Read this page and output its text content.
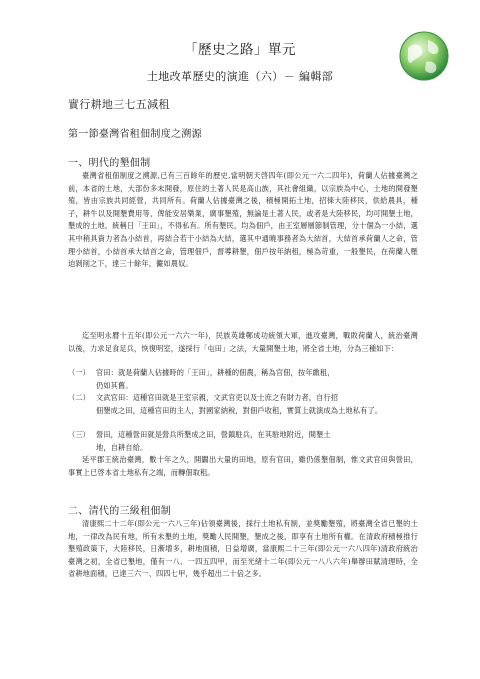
「歷史之路」單元
土地改革歷史的演進（六）－ 編輯部
實行耕地三七五減租
第一節臺灣省租佃制度之溯源
一、明代的墾佃制
臺灣省租佃制度之溯源,已有三百餘年的歷史,當明朝天啓四年(即公元一六二四年)，荷蘭人佔據臺灣之前，本省的土地，大部份多未開發，原住的土著人民是高山族，其社會組織，以宗族為中心，土地的開發墾殖，皆由宗族共同經營，共同所有。荷蘭人佔據臺灣之後，積極開拓土地，招徠大陸移民，供給農具，種子，耕牛以及開墾費用等，俾能安居樂業，廣事墾殖，無論是土著人民，或者是大陸移民，均可開墾土地，墾成的土地，統稱日「王田」，不得私有。所有墾民，均為佃戶，由王室層層節制管理，分十個為一小結，選其中稍具資力者為小結首，再結合若干小結為大結，選其中通曉事務者為大結首，大結首承荷蘭人之命，管理小結首，小結首承大結首之命，管理佃戶，督導耕墾，佃戶按年納租，極為苛重，一般墾民，在荷蘭人壓迫剝削之下，達三十餘年，儼如農奴。
迄至明永曆十五年(即公元一六六一年)，民族英雄鄭成功統領大軍，進攻臺灣，戰敗荷蘭人，統治臺灣以後，力求足食足兵，恢復明室，遂採行「屯田」之法，大量開墾土地，將全省土地，分為三種如下：
（一） 官田：就是荷蘭人佔據時的「王田」，耕種的佃農，稱為官佃，按年繳租，
仍如其舊。
（二） 文武官田：這種官田就是王室宗親，文武官吏以及士庶之有財力者，自行招
佃墾成之田，這種官田的主人，對國家納稅，對佃戶收租，實質上就演成為土地私有了。
（三） 營田，這種營田就是營兵所墾成之田，營鎮駐兵，在其駐地附近，開墾土
地，自耕自給。
延平郡王統治臺灣，數十年之久，開闢出大量的田地，原有官田，雖仍係墾佃制，惟文武官田與營田，事實上已啓本省土地私有之端，而轉佃取租。
二、清代的三級租佃制
清康熙二十二年(即公元一六八三年)佔領臺灣後，採行土地私有制，並獎勵墾殖，將臺灣全省已墾的土地，一律改為民有地，所有未墾的土地，獎勵人民開墾，墾成之後，即享有土地所有權。在清政府積極推行墾殖政策下，大陸移民，日漸增多，耕地面積，日益增廣，當康熙二十三年(即公元一六八四年)清政府統治臺灣之初，全省已墾地，僅有一八、一四五四甲，而至光緒十二年(即公元一八八六年)舉辦田賦清理時，全省耕地面積，已達三六一、四四七甲，幾乎超出二十倍之多。
